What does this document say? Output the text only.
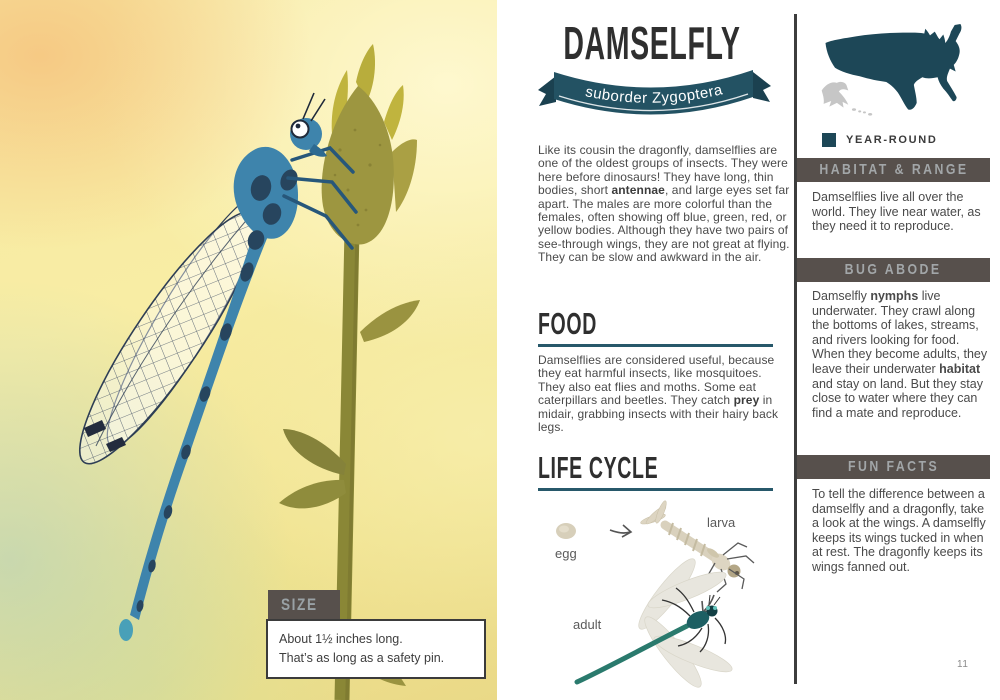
SIZE
About 1½ inches long.
That’s as long as a safety pin.
DAMSELFLY
suborder Zygoptera

Like its cousin the dragonfly, damselflies are one of the oldest groups of insects. They were here before dinosaurs! They have long, thin bodies, short antennae, and large eyes set far apart. The males are more colorful than the females, often showing off blue, green, red, or yellow bodies. Although they have two pairs of see-through wings, they are not great at flying. They can be slow and awkward in the air.

FOOD

Damselflies are considered useful, because they eat harmful insects, like mosquitoes. They also eat flies and moths. Some eat caterpillars and beetles. They catch prey in midair, grabbing insects with their hairy back legs.

LIFE CYCLE
egg
larva
adult
YEAR-ROUND
HABITAT & RANGE

Damselflies live all over the world. They live near water, as they need it to reproduce.

BUG ABODE

Damselfly nymphs live underwater. They crawl along the bottoms of lakes, streams, and rivers looking for food. When they become adults, they leave their underwater habitat and stay on land. But they stay close to water where they can find a mate and reproduce.

FUN FACTS

To tell the difference between a damselfly and a dragonfly, take a look at the wings. A damselfly keeps its wings tucked in when at rest. The dragonfly keeps its wings fanned out.

11
